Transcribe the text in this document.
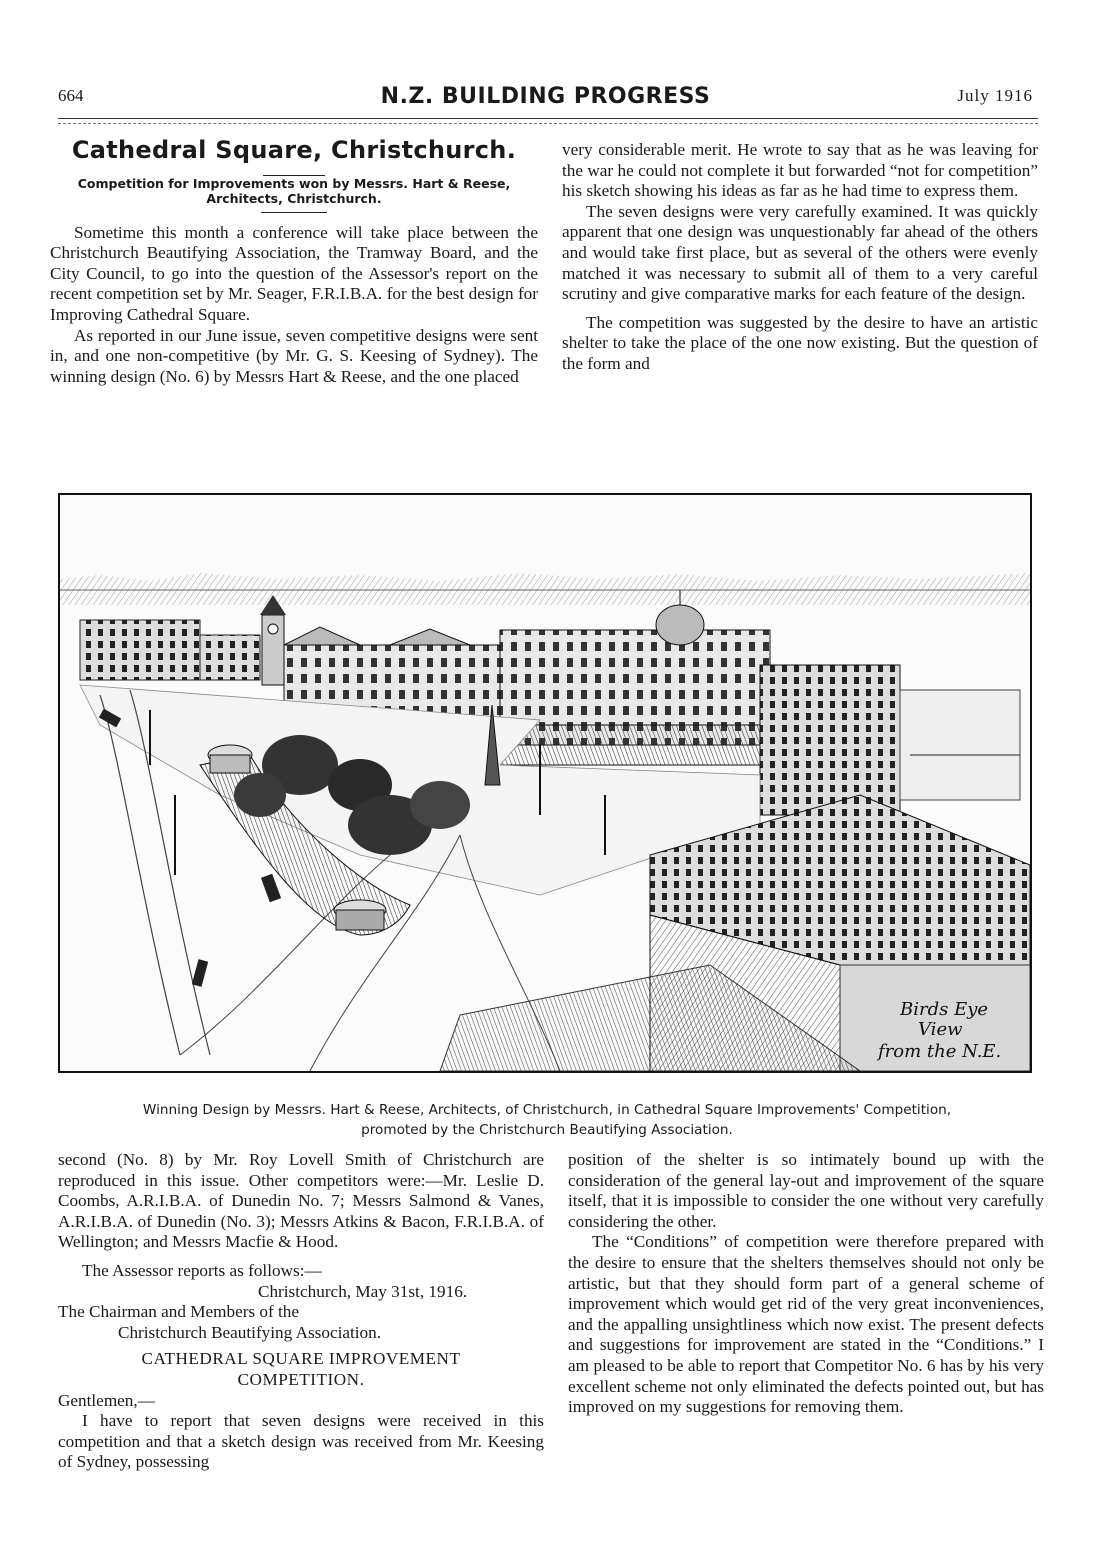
664	N.Z. BUILDING PROGRESS	July 1916
Cathedral Square, Christchurch.

Competition for Improvements won by Messrs. Hart & Reese, Architects, Christchurch.

Sometime this month a conference will take place between the Christchurch Beautifying Association, the Tramway Board, and the City Council, to go into the question of the Assessor's report on the recent competition set by Mr. Seager, F.R.I.B.A. for the best design for Improving Cathedral Square.

As reported in our June issue, seven competitive designs were sent in, and one non-competitive (by Mr. G. S. Keesing of Sydney). The winning design (No. 6) by Messrs Hart & Reese, and the one placed

very considerable merit. He wrote to say that as he was leaving for the war he could not complete it but forwarded “not for competition” his sketch showing his ideas as far as he had time to express them.

The seven designs were very carefully examined. It was quickly apparent that one design was unquestionably far ahead of the others and would take first place, but as several of the others were evenly matched it was necessary to submit all of them to a very careful scrutiny and give comparative marks for each feature of the design.

The competition was suggested by the desire to have an artistic shelter to take the place of the one now existing. But the question of the form and

Birds Eye
View
from the N.E.
Winning Design by Messrs. Hart & Reese, Architects, of Christchurch, in Cathedral Square Improvements' Competition,
promoted by the Christchurch Beautifying Association.

second (No. 8) by Mr. Roy Lovell Smith of Christchurch are reproduced in this issue. Other competitors were:—Mr. Leslie D. Coombs, A.R.I.B.A. of Dunedin No. 7; Messrs Salmond & Vanes, A.R.I.B.A. of Dunedin (No. 3); Messrs Atkins & Bacon, F.R.I.B.A. of Wellington; and Messrs Macfie & Hood.

The Assessor reports as follows:—

Christchurch, May 31st, 1916.

The Chairman and Members of the

Christchurch Beautifying Association.

CATHEDRAL SQUARE IMPROVEMENT

COMPETITION.

Gentlemen,—

I have to report that seven designs were received in this competition and that a sketch design was received from Mr. Keesing of Sydney, possessing

position of the shelter is so intimately bound up with the consideration of the general lay-out and improvement of the square itself, that it is impossible to consider the one without very carefully considering the other.

The “Conditions” of competition were therefore prepared with the desire to ensure that the shelters themselves should not only be artistic, but that they should form part of a general scheme of improvement which would get rid of the very great inconveniences, and the appalling unsightliness which now exist. The present defects and suggestions for improvement are stated in the “Conditions.” I am pleased to be able to report that Competitor No. 6 has by his very excellent scheme not only eliminated the defects pointed out, but has improved on my suggestions for removing them.
